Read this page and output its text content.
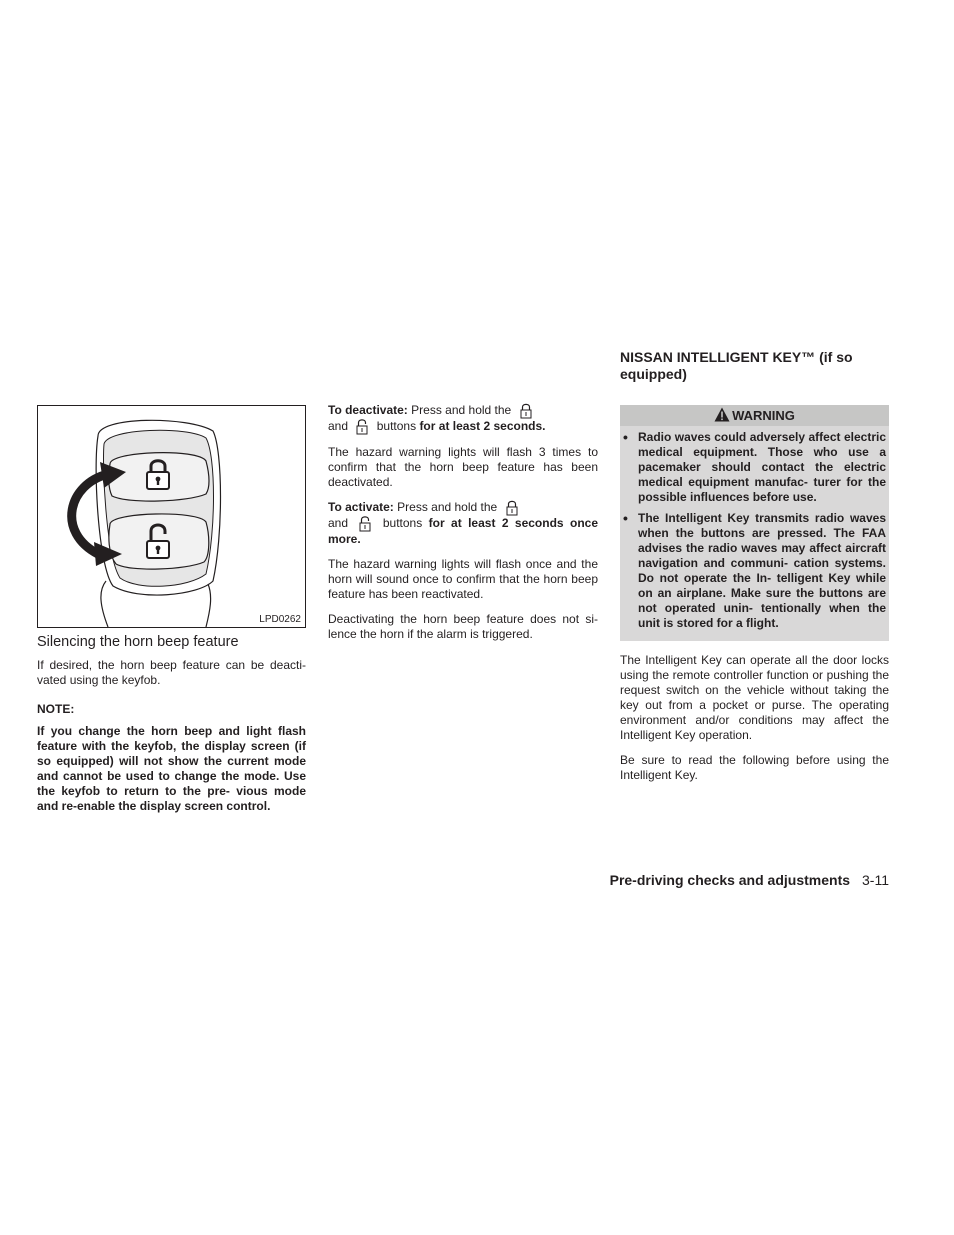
LPD0262
Silencing the horn beep feature

If desired, the horn beep feature can be deacti- vated using the keyfob.

NOTE:
If you change the horn beep and light flash feature with the keyfob, the display screen (if so equipped) will not show the current mode and cannot be used to change the mode. Use the keyfob to return to the pre- vious mode and re-enable the display screen control.

To deactivate: Press and hold the

and buttons for at least 2 seconds.

The hazard warning lights will flash 3 times to confirm that the horn beep feature has been deactivated.

To activate: Press and hold the

and	buttons for at least 2 seconds once more.

The hazard warning lights will flash once and the horn will sound once to confirm that the horn beep feature has been reactivated.

Deactivating the horn beep feature does not si- lence the horn if the alarm is triggered.

NISSAN INTELLIGENT KEY™ (if so equipped)
WARNING
• Radio waves could adversely affect electric medical equipment. Those who use a pacemaker should contact the electric medical equipment manufac- turer for the possible influences before use.
• The Intelligent Key transmits radio waves when the buttons are pressed. The FAA advises the radio waves may affect aircraft navigation and communi- cation systems. Do not operate the In- telligent Key while on an airplane. Make sure the buttons are not operated unin- tentionally when the unit is stored for a flight.

The Intelligent Key can operate all the door locks using the remote controller function or pushing the request switch on the vehicle without taking the key out from a pocket or purse. The operating environment and/or conditions may affect the Intelligent Key operation.

Be sure to read the following before using the Intelligent Key.

Pre-driving checks and adjustments 3-11
